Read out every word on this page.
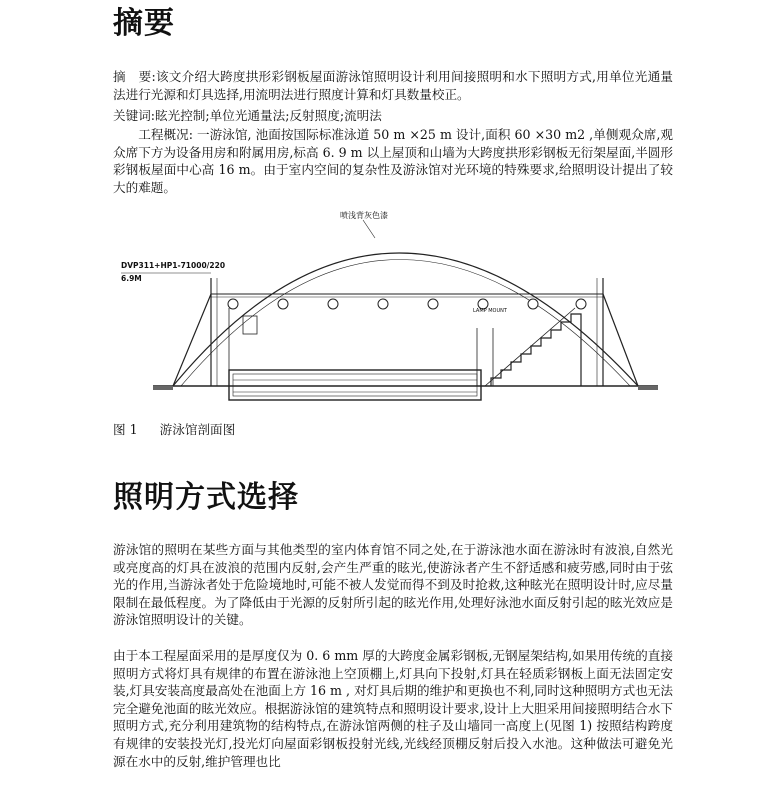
摘要
摘　要:该文介绍大跨度拱形彩钢板屋面游泳馆照明设计利用间接照明和水下照明方式,用单位光通量法进行光源和灯具选择,用流明法进行照度计算和灯具数量校正。
关键词:眩光控制;单位光通量法;反射照度;流明法
　　工程概况: 一游泳馆, 池面按国际标准泳道 50 m ×25 m 设计,面积 60 ×30 m2 ,单侧观众席,观众席下方为设备用房和附属用房,标高 6. 9 m 以上屋顶和山墙为大跨度拱形彩钢板无衍架屋面,半圆形彩钢板屋面中心高 16 m。由于室内空间的复杂性及游泳馆对光环境的特殊要求,给照明设计提出了较大的难题。
喷浅背灰色漆
DVP311+HP1-71000/220
6.9M
LAMP MOUNT
图 1 游泳馆剖面图
照明方式选择
游泳馆的照明在某些方面与其他类型的室内体育馆不同之处,在于游泳池水面在游泳时有波浪,自然光或亮度高的灯具在波浪的范围内反射,会产生严重的眩光,使游泳者产生不舒适感和疲劳感,同时由于弦光的作用,当游泳者处于危险境地时,可能不被人发觉而得不到及时抢救,这种眩光在照明设计时,应尽量限制在最低程度。为了降低由于光源的反射所引起的眩光作用,处理好泳池水面反射引起的眩光效应是游泳馆照明设计的关键。
由于本工程屋面采用的是厚度仅为 0. 6 mm 厚的大跨度金属彩钢板,无钢屋架结构,如果用传统的直接照明方式将灯具有规律的布置在游泳池上空顶棚上,灯具向下投射,灯具在轻质彩钢板上面无法固定安装,灯具安装高度最高处在池面上方 16 m , 对灯具后期的维护和更换也不利,同时这种照明方式也无法完全避免池面的眩光效应。根据游泳馆的建筑特点和照明设计要求,设计上大胆采用间接照明结合水下照明方式,充分利用建筑物的结构特点,在游泳馆两侧的柱子及山墙同一高度上(见图 1) 按照结构跨度有规律的安装投光灯,投光灯向屋面彩钢板投射光线,光线经顶棚反射后投入水池。这种做法可避免光源在水中的反射,维护管理也比
